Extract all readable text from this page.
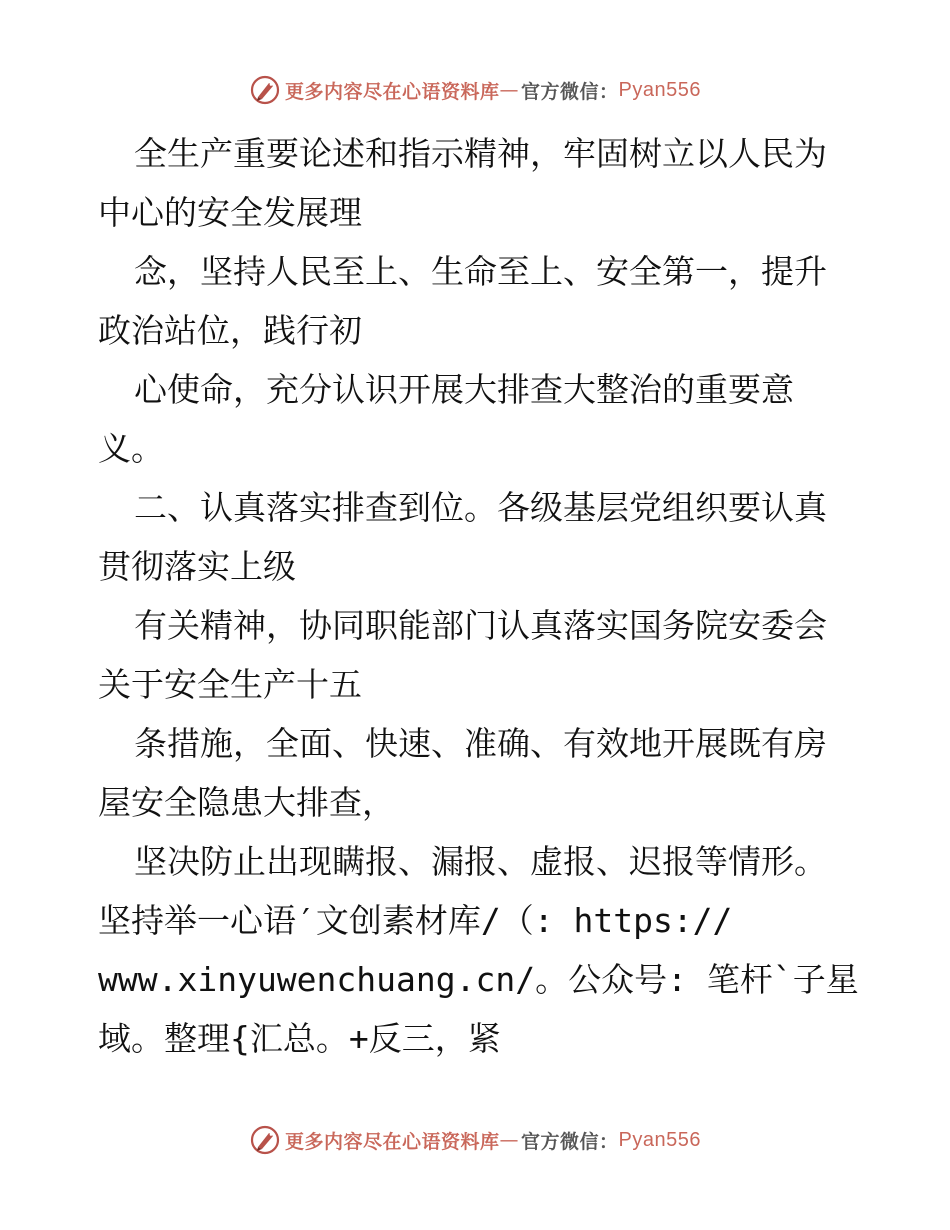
更多内容尽在心语资料库 — 官方微信： Pyan556
全生产重要论述和指示精神，牢固树立以人民为
中心的安全发展理
念，坚持人民至上、生命至上、安全第一，提升
政治站位，践行初
心使命，充分认识开展大排查大整治的重要意
义。
二、认真落实排查到位。各级基层党组织要认真
贯彻落实上级
有关精神，协同职能部门认真落实国务院安委会
关于安全生产十五
条措施，全面、快速、准确、有效地开展既有房
屋安全隐患大排查，
坚决防止出现瞒报、漏报、虚报、迟报等情形。
坚持举一心语′文创素材库/（: https://
www.xinyuwenchuang.cn/。公众号: 笔杆`子星
域。整理{汇总。+反三，紧
更多内容尽在心语资料库 — 官方微信： Pyan556
